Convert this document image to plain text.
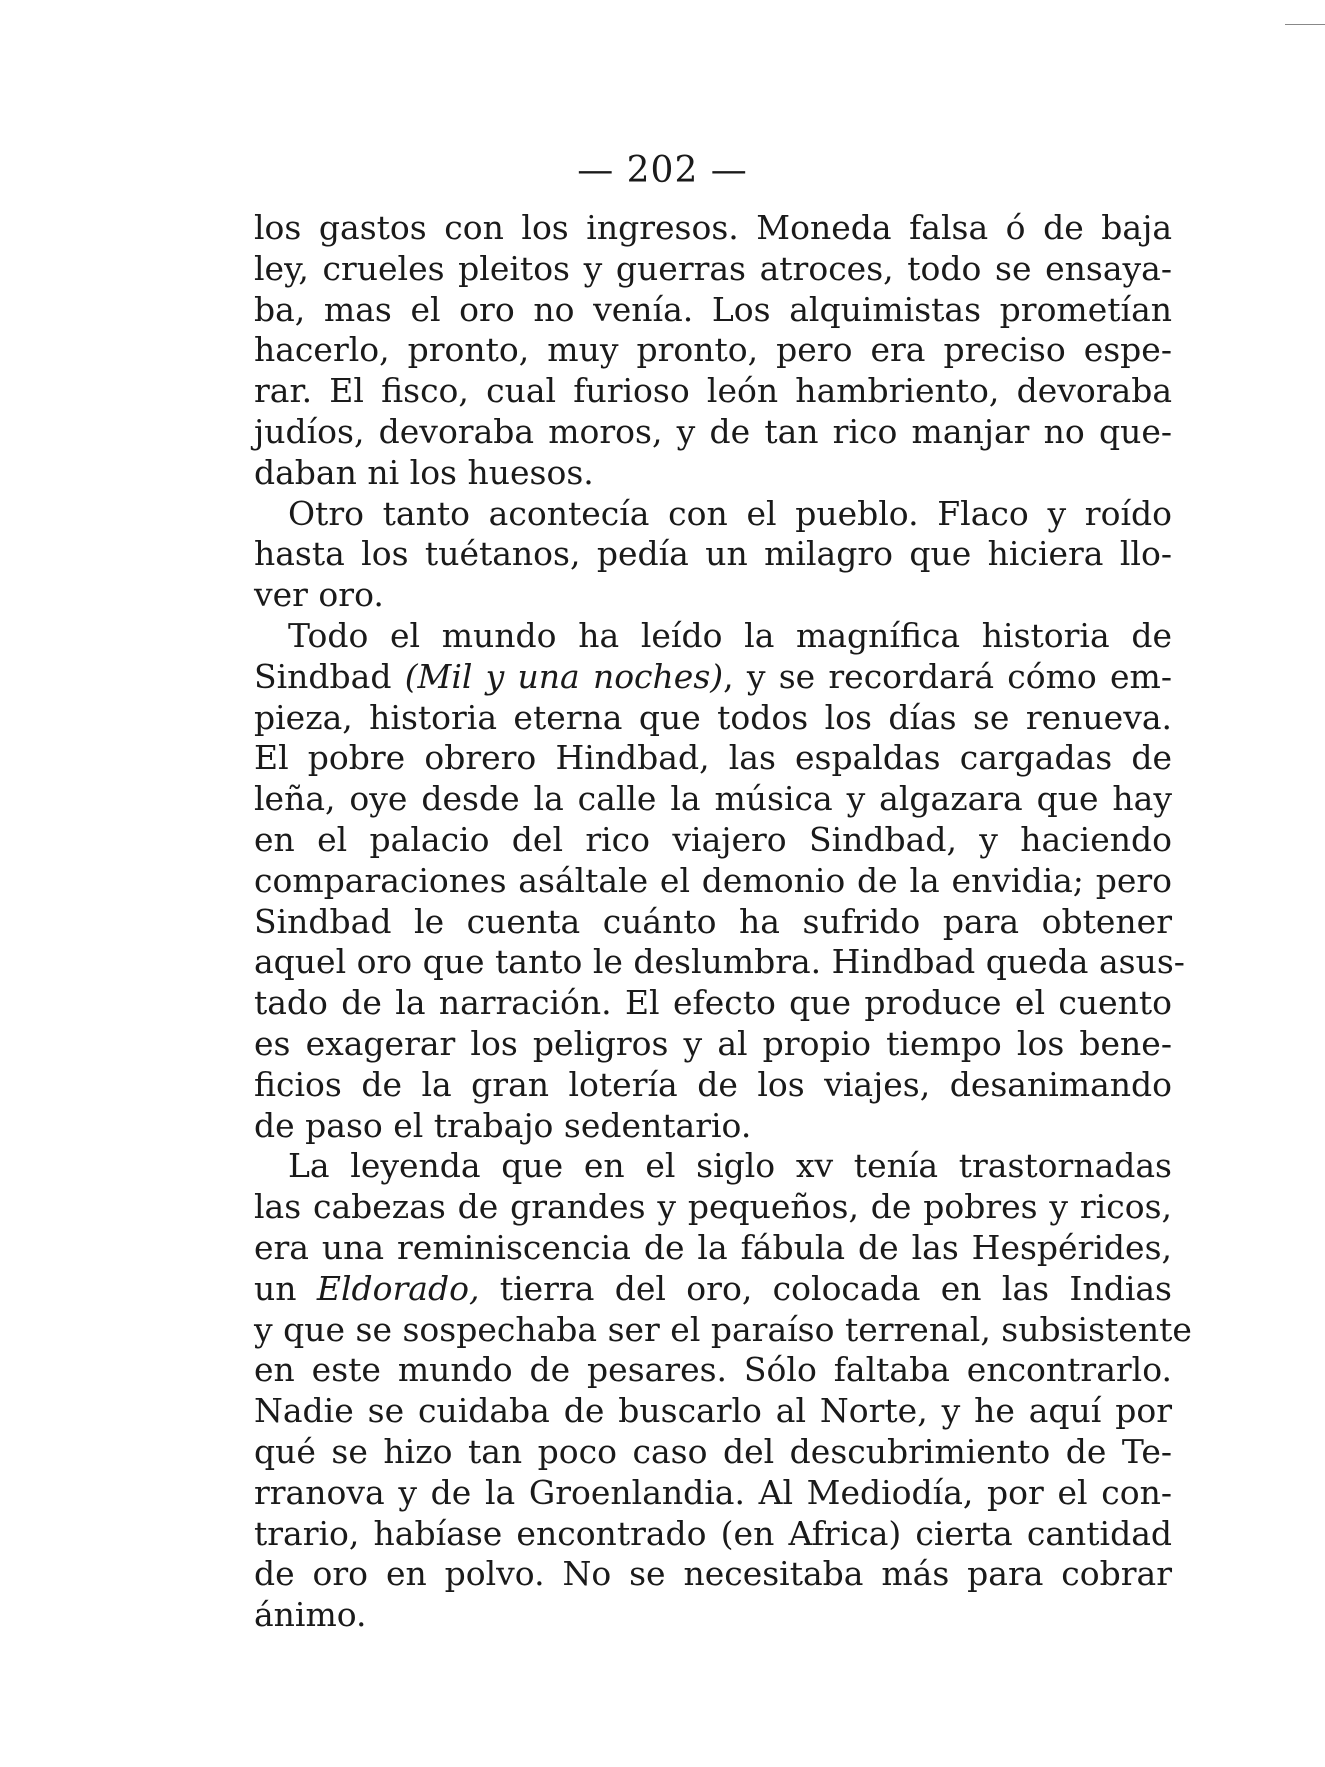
— 202 —
los gastos con los ingresos. Moneda falsa ó de baja
ley, crueles pleitos y guerras atroces, todo se ensaya-
ba, mas el oro no venía. Los alquimistas prometían
hacerlo, pronto, muy pronto, pero era preciso espe-
rar. El fisco, cual furioso león hambriento, devoraba
judíos, devoraba moros, y de tan rico manjar no que-
daban ni los huesos.
Otro tanto acontecía con el pueblo. Flaco y roído
hasta los tuétanos, pedía un milagro que hiciera llo-
ver oro.
Todo el mundo ha leído la magnífica historia de
Sindbad (Mil y una noches), y se recordará cómo em-
pieza, historia eterna que todos los días se renueva.
El pobre obrero Hindbad, las espaldas cargadas de
leña, oye desde la calle la música y algazara que hay
en el palacio del rico viajero Sindbad, y haciendo
comparaciones asáltale el demonio de la envidia; pero
Sindbad le cuenta cuánto ha sufrido para obtener
aquel oro que tanto le deslumbra. Hindbad queda asus-
tado de la narración. El efecto que produce el cuento
es exagerar los peligros y al propio tiempo los bene-
ficios de la gran lotería de los viajes, desanimando
de paso el trabajo sedentario.
La leyenda que en el siglo xv tenía trastornadas
las cabezas de grandes y pequeños, de pobres y ricos,
era una reminiscencia de la fábula de las Hespérides,
un Eldorado, tierra del oro, colocada en las Indias
y que se sospechaba ser el paraíso terrenal, subsistente
en este mundo de pesares. Sólo faltaba encontrarlo.
Nadie se cuidaba de buscarlo al Norte, y he aquí por
qué se hizo tan poco caso del descubrimiento de Te-
rranova y de la Groenlandia. Al Mediodía, por el con-
trario, habíase encontrado (en Africa) cierta cantidad
de oro en polvo. No se necesitaba más para cobrar
ánimo.
